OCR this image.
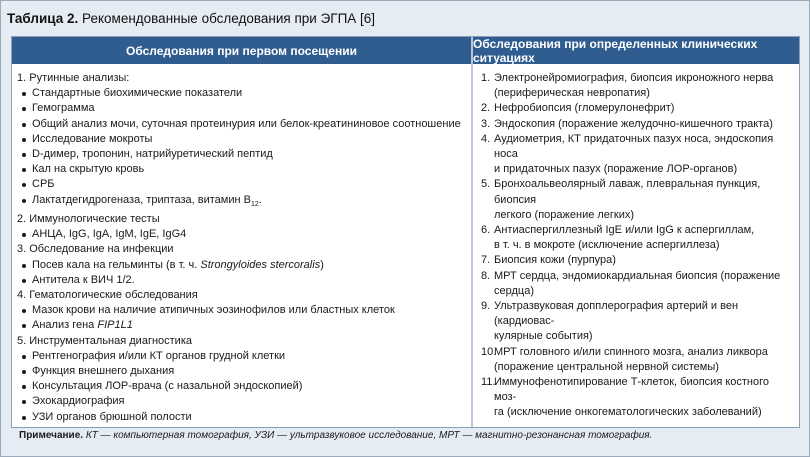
Таблица 2. Рекомендованные обследования при ЭГПА [6]
Обследования при первом посещении	Обследования при определенных клинических ситуациях
1. Рутинные анализы:
Стандартные биохимические показатели
Гемограмма
Общий анализ мочи, суточная протеинурия или белок-креатининовое соотношение
Исследование мокроты
D-димер, тропонин, натрийуретический пептид
Кал на скрытую кровь
СРБ
Лактатдегидрогеназа, триптаза, витамин $B_{12}$.
2. Иммунологические тесты
АНЦА, IgG, IgA, IgM, IgE, IgG4
3. Обследование на инфекции
Посев кала на гельминты (в т. ч. Strongyloides stercoralis)
Антитела к ВИЧ 1/2.
4. Гематологические обследования
Мазок крови на наличие атипичных эозинофилов или бластных клеток
Анализ гена FIP1L1
5. Инструментальная диагностика
Рентгенография и/или КТ органов грудной клетки
Функция внешнего дыхания
Консультация ЛОР-врача (с назальной эндоскопией)
Эхокардиография
УЗИ органов брюшной полости
1. Электронейромиография, биопсия икроножного нерва
(периферическая невропатия)
2. Нефробиопсия (гломерулонефрит)
3. Эндоскопия (поражение желудочно-кишечного тракта)
4. Аудиометрия, КТ придаточных пазух носа, эндоскопия носа
и придаточных пазух (поражение ЛОР-органов)
5. Бронхоальвеолярный лаваж, плевральная пункция, биопсия
легкого (поражение легких)
6. Антиаспергиллезный IgE и/или IgG к аспергиллам,
в т. ч. в мокроте (исключение аспергиллеза)
7. Биопсия кожи (пурпура)
8. МРТ сердца, эндомиокардиальная биопсия (поражение
сердца)
9. Ультразвуковая допплерография артерий и вен (кардиовас-
кулярные события)
10.
МРТ головного и/или спинного мозга, анализ ликвора
(поражение центральной нервной системы)
11.
Иммунофенотипирование Т-клеток, биопсия костного моз-
га (исключение онкогематологических заболеваний)
Примечание. КТ — компьютерная томография, УЗИ — ультразвуковое исследование, МРТ — магнитно-резонансная томография.
